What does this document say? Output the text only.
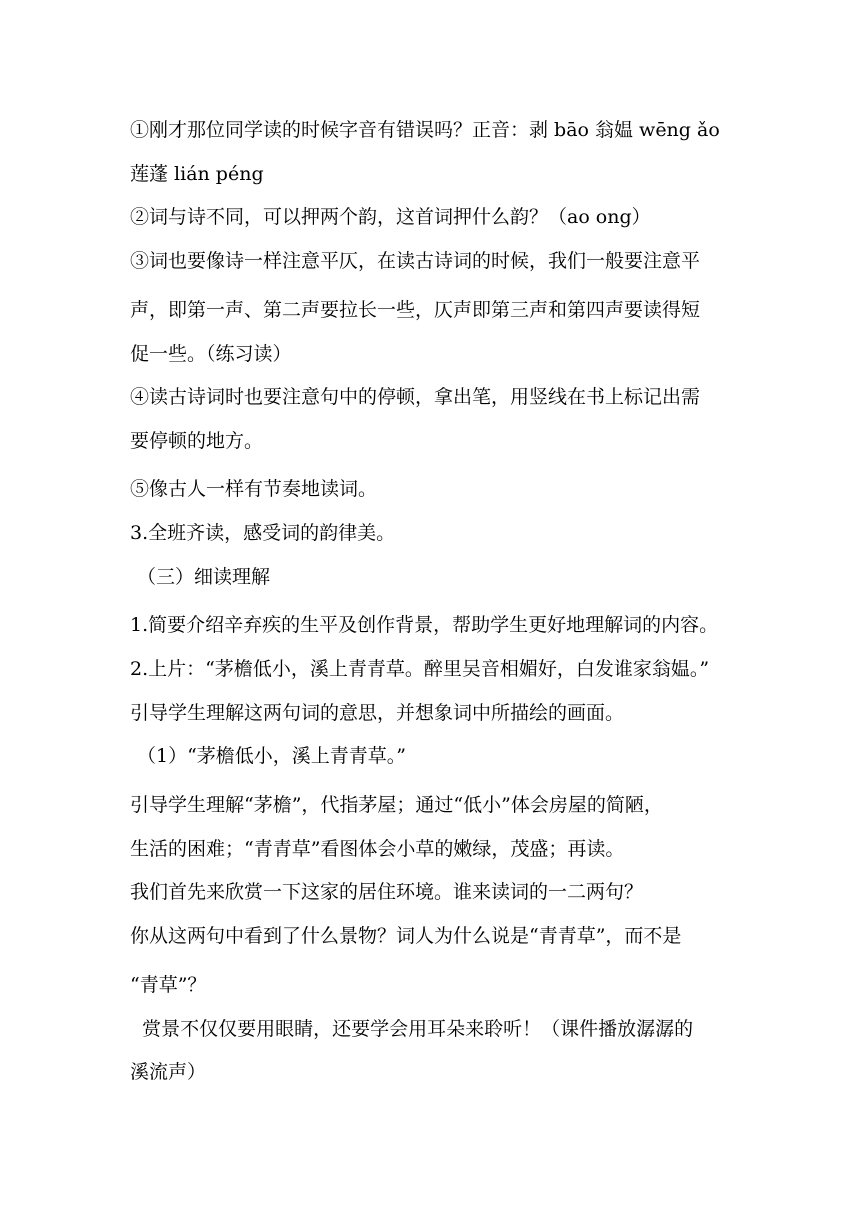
①刚才那位同学读的时候字音有错误吗？正音：剥 bāo 翁媪 wēng ǎo
莲蓬 lián péng
②词与诗不同，可以押两个韵，这首词押什么韵？（ao ong）
③词也要像诗一样注意平仄，在读古诗词的时候，我们一般要注意平
声，即第一声、第二声要拉长一些，仄声即第三声和第四声要读得短
促一些。（练习读）
④读古诗词时也要注意句中的停顿，拿出笔，用竖线在书上标记出需
要停顿的地方。
⑤像古人一样有节奏地读词。
3.全班齐读，感受词的韵律美。
（三）细读理解
1.简要介绍辛弃疾的生平及创作背景，帮助学生更好地理解词的内容。
2.上片：“茅檐低小，溪上青青草。醉里吴音相媚好，白发谁家翁媪。”
引导学生理解这两句词的意思，并想象词中所描绘的画面。
（1）“茅檐低小，溪上青青草。”
引导学生理解“茅檐”，代指茅屋；通过“低小”体会房屋的简陋，
生活的困难；“青青草”看图体会小草的嫩绿，茂盛；再读。
我们首先来欣赏一下这家的居住环境。谁来读词的一二两句？
你从这两句中看到了什么景物？词人为什么说是“青青草”，而不是
“青草”？
赏景不仅仅要用眼睛，还要学会用耳朵来聆听！（课件播放潺潺的
溪流声）
